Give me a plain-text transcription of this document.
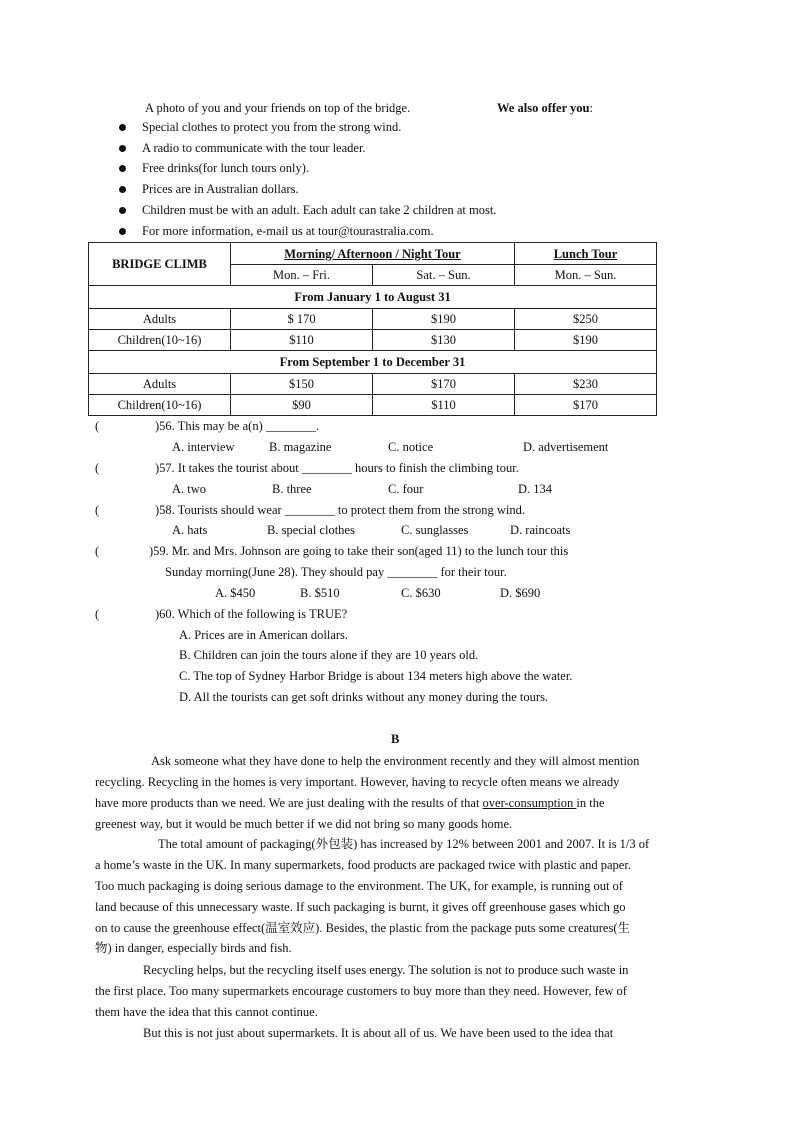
A photo of you and your friends on top of the bridge.	We also offer you:
Special clothes to protect you from the strong wind.
A radio to communicate with the tour leader.
Free drinks(for lunch tours only).
Prices are in Australian dollars.
Children must be with an adult. Each adult can take 2 children at most.
For more information, e-mail us at tour@tourastralia.com.
BRIDGE CLIMB	Morning/ Afternoon / Night Tour		Lunch Tour
	Mon. – Fri.	Sat. – Sun.	Mon. – Sun.
From January 1 to August 31			
Adults	$ 170	$190	$250
Children(10~16)	$110	$130	$190
From September 1 to December 31			
Adults	$150	$170	$230
Children(10~16)	$90	$110	$170
(	)56. This may be a(n) ________.
A. interview	B. magazine	C. notice	D. advertisement
(	)57. It takes the tourist about ________ hours to finish the climbing tour.
A. two	B. three	C. four	D. 134
(	)58. Tourists should wear ________ to protect them from the strong wind.
A. hats	B. special clothes	C. sunglasses	D. raincoats
(	)59. Mr. and Mrs. Johnson are going to take their son(aged 11) to the lunch tour this
Sunday morning(June 28). They should pay ________ for their tour.
A. $450	B. $510	C. $630	D. $690
(	)60. Which of the following is TRUE?
A. Prices are in American dollars.
B. Children can join the tours alone if they are 10 years old.
C. The top of Sydney Harbor Bridge is about 134 meters high above the water.
D. All the tourists can get soft drinks without any money during the tours.
B
Ask someone what they have done to help the environment recently and they will almost mention
recycling. Recycling in the homes is very important. However, having to recycle often means we already
have more products than we need. We are just dealing with the results of that over-consumption in the
greenest way, but it would be much better if we did not bring so many goods home.
The total amount of packaging(外包装) has increased by 12% between 2001 and 2007. It is 1/3 of
a home’s waste in the UK. In many supermarkets, food products are packaged twice with plastic and paper.
Too much packaging is doing serious damage to the environment. The UK, for example, is running out of
land because of this unnecessary waste. If such packaging is burnt, it gives off greenhouse gases which go
on to cause the greenhouse effect(温室效应). Besides, the plastic from the package puts some creatures(生
物) in danger, especially birds and fish.
Recycling helps, but the recycling itself uses energy. The solution is not to produce such waste in
the first place. Too many supermarkets encourage customers to buy more than they need. However, few of
them have the idea that this cannot continue.
But this is not just about supermarkets. It is about all of us. We have been used to the idea that
